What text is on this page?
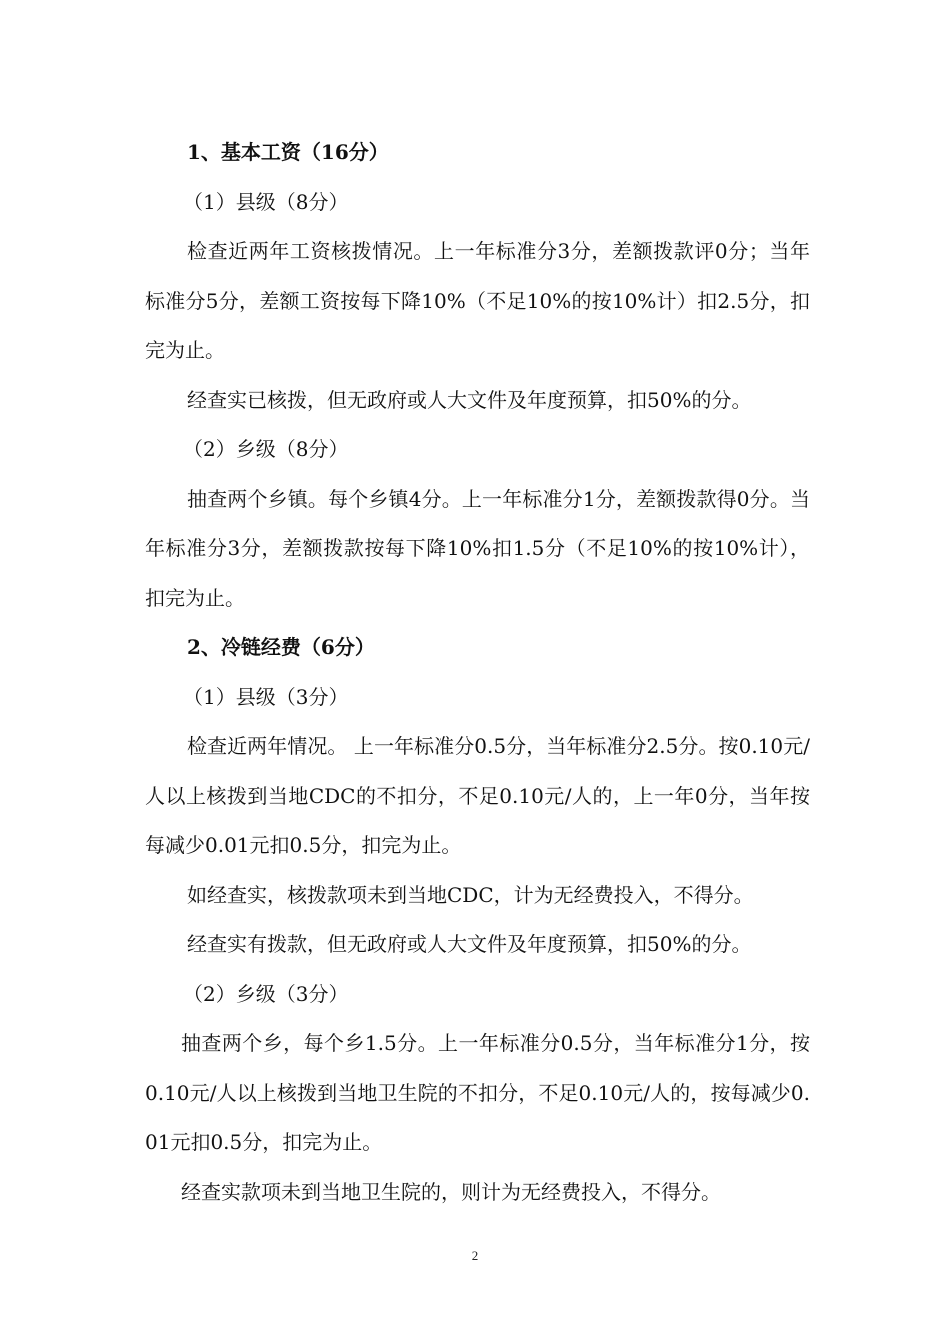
1、基本工资（16分）

（1）县级（8分）

检查近两年工资核拨情况。上一年标准分3分，差额拨款评0分；当年标准分5分，差额工资按每下降10%（不足10%的按10%计）扣2.5分，扣完为止。

经查实已核拨，但无政府或人大文件及年度预算，扣50%的分。

（2）乡级（8分）

抽查两个乡镇。每个乡镇4分。上一年标准分1分，差额拨款得0分。当年标准分3分，差额拨款按每下降10%扣1.5分（不足10%的按10%计），扣完为止。

2、冷链经费（6分）

（1）县级（3分）

检查近两年情况。 上一年标准分0.5分，当年标准分2.5分。按0.10元/人以上核拨到当地CDC的不扣分，不足0.10元/人的，上一年0分，当年按每减少0.01元扣0.5分，扣完为止。

如经查实，核拨款项未到当地CDC，计为无经费投入，不得分。

经查实有拨款，但无政府或人大文件及年度预算，扣50%的分。

（2）乡级（3分）

抽查两个乡，每个乡1.5分。上一年标准分0.5分，当年标准分1分，按0.10元/人以上核拨到当地卫生院的不扣分，不足0.10元/人的，按每减少0.01元扣0.5分，扣完为止。

经查实款项未到当地卫生院的，则计为无经费投入，不得分。

2
